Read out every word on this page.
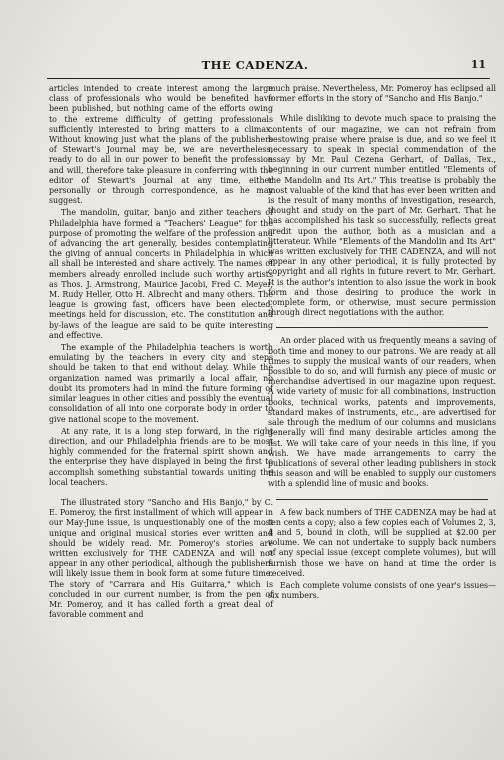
THE CADENZA.	11

articles intended to create interest among the large class of professionals who would be benefited have been published, but nothing came of the efforts owing to the extreme difficulty of getting professionals sufficiently interested to bring matters to a climax. Without knowing just what the plans of the publishers of Stewart's Journal may be, we are nevertheless, ready to do all in our power to benefit the profession and will, therefore take pleasure in conferring with the editor of Stewart's Journal at any time, either personally or through correspondence, as he may suggest.

The mandolin, guitar, banjo and zither teachers of Philadelphia have formed a "Teachers' League" for the purpose of promoting the welfare of the profession and of advancing the art generally, besides contemplating the giving of annual concerts in Philadelphia in which all shall be interested and share actively. The names of members already enrolled include such worthy artists as Thos. J. Armstrong, Maurice Jacobi, Fred C. Meyer, M. Rudy Heller, Otto H. Albrecht and many others. The league is growing fast, officers have been elected, meetings held for discussion, etc. The constitution and by-laws of the league are said to be quite interesting and effective.

The example of the Philadelphia teachers is worth emulating by the teachers in every city and steps should be taken to that end without delay. While the organization named was primarily a local affair, no doubt its promoters had in mind the future forming of similar leagues in other cities and possibly the eventual consolidation of all into one corporate body in order to give national scope to the movement.

At any rate, it is a long step forward, in the right direction, and our Philadelphia friends are to be most highly commended for the fraternal spirit shown and the enterprise they have displayed in being the first to accomplish something substantial towards uniting the local teachers.

The illustrated story "Sancho and His Banjo," by C. E. Pomeroy, the first installment of which will appear in our May-June issue, is unquestionably one of the most unique and original musical stories ever written and should be widely read. Mr. Pomeroy's stories are written exclusively for THE CADENZA and will not appear in any other periodical, although the publishers will likely issue them in book form at some future time. The story of "Carrara and His Guitarra," which is concluded in our current number, is from the pen of Mr. Pomeroy, and it has called forth a great deal of favorable comment and

much praise. Nevertheless, Mr. Pomeroy has eclipsed all former efforts in the story of "Sancho and His Banjo."

While disliking to devote much space to praising the contents of our magazine, we can not refrain from bestowing praise where praise is due, and so we feel it necessary to speak in special commendation of the essay by Mr. Paul Cezena Gerhart, of Dallas, Tex., beginning in our current number entitled "Elements of the Mandolin and Its Art." This treatise is probably the most valuable of the kind that has ever been written and is the result of many months of investigation, research, thought and study on the part of Mr. Gerhart. That he has accomplished his task so successfully, reflects great credit upon the author, both as a musician and a litterateur. While "Elements of the Mandolin and Its Art" was written exclusively for THE CADENZA, and will not appear in any other periodical, it is fully protected by copyright and all rights in future revert to Mr. Gerhart. It is the author's intention to also issue the work in book form and those desiring to produce the work in complete form, or otherwise, must secure permission through direct negotiations with the author.

An order placed with us frequently means a saving of both time and money to our patrons. We are ready at all times to supply the musical wants of our readers, when possible to do so, and will furnish any piece of music or merchandise advertised in our magazine upon request. A wide variety of music for all combinations, instruction books, technical works, patents and improvements, standard makes of instruments, etc., are advertised for sale through the medium of our columns and musicians generally will find many desirable articles among the list. We will take care of your needs in this line, if you wish. We have made arrangements to carry the publications of several other leading publishers in stock this season and will be enabled to supply our customers with a splendid line of music and books.

A few back numbers of THE CADENZA may be had at ten cents a copy; also a few copies each of Volumes 2, 3, 4 and 5, bound in cloth, will be supplied at $2.00 per volume. We can not undertake to supply back numbers of any special issue (except complete volumes), but will furnish those we have on hand at time the order is received.

Each complete volume consists of one year's issues—six numbers.
